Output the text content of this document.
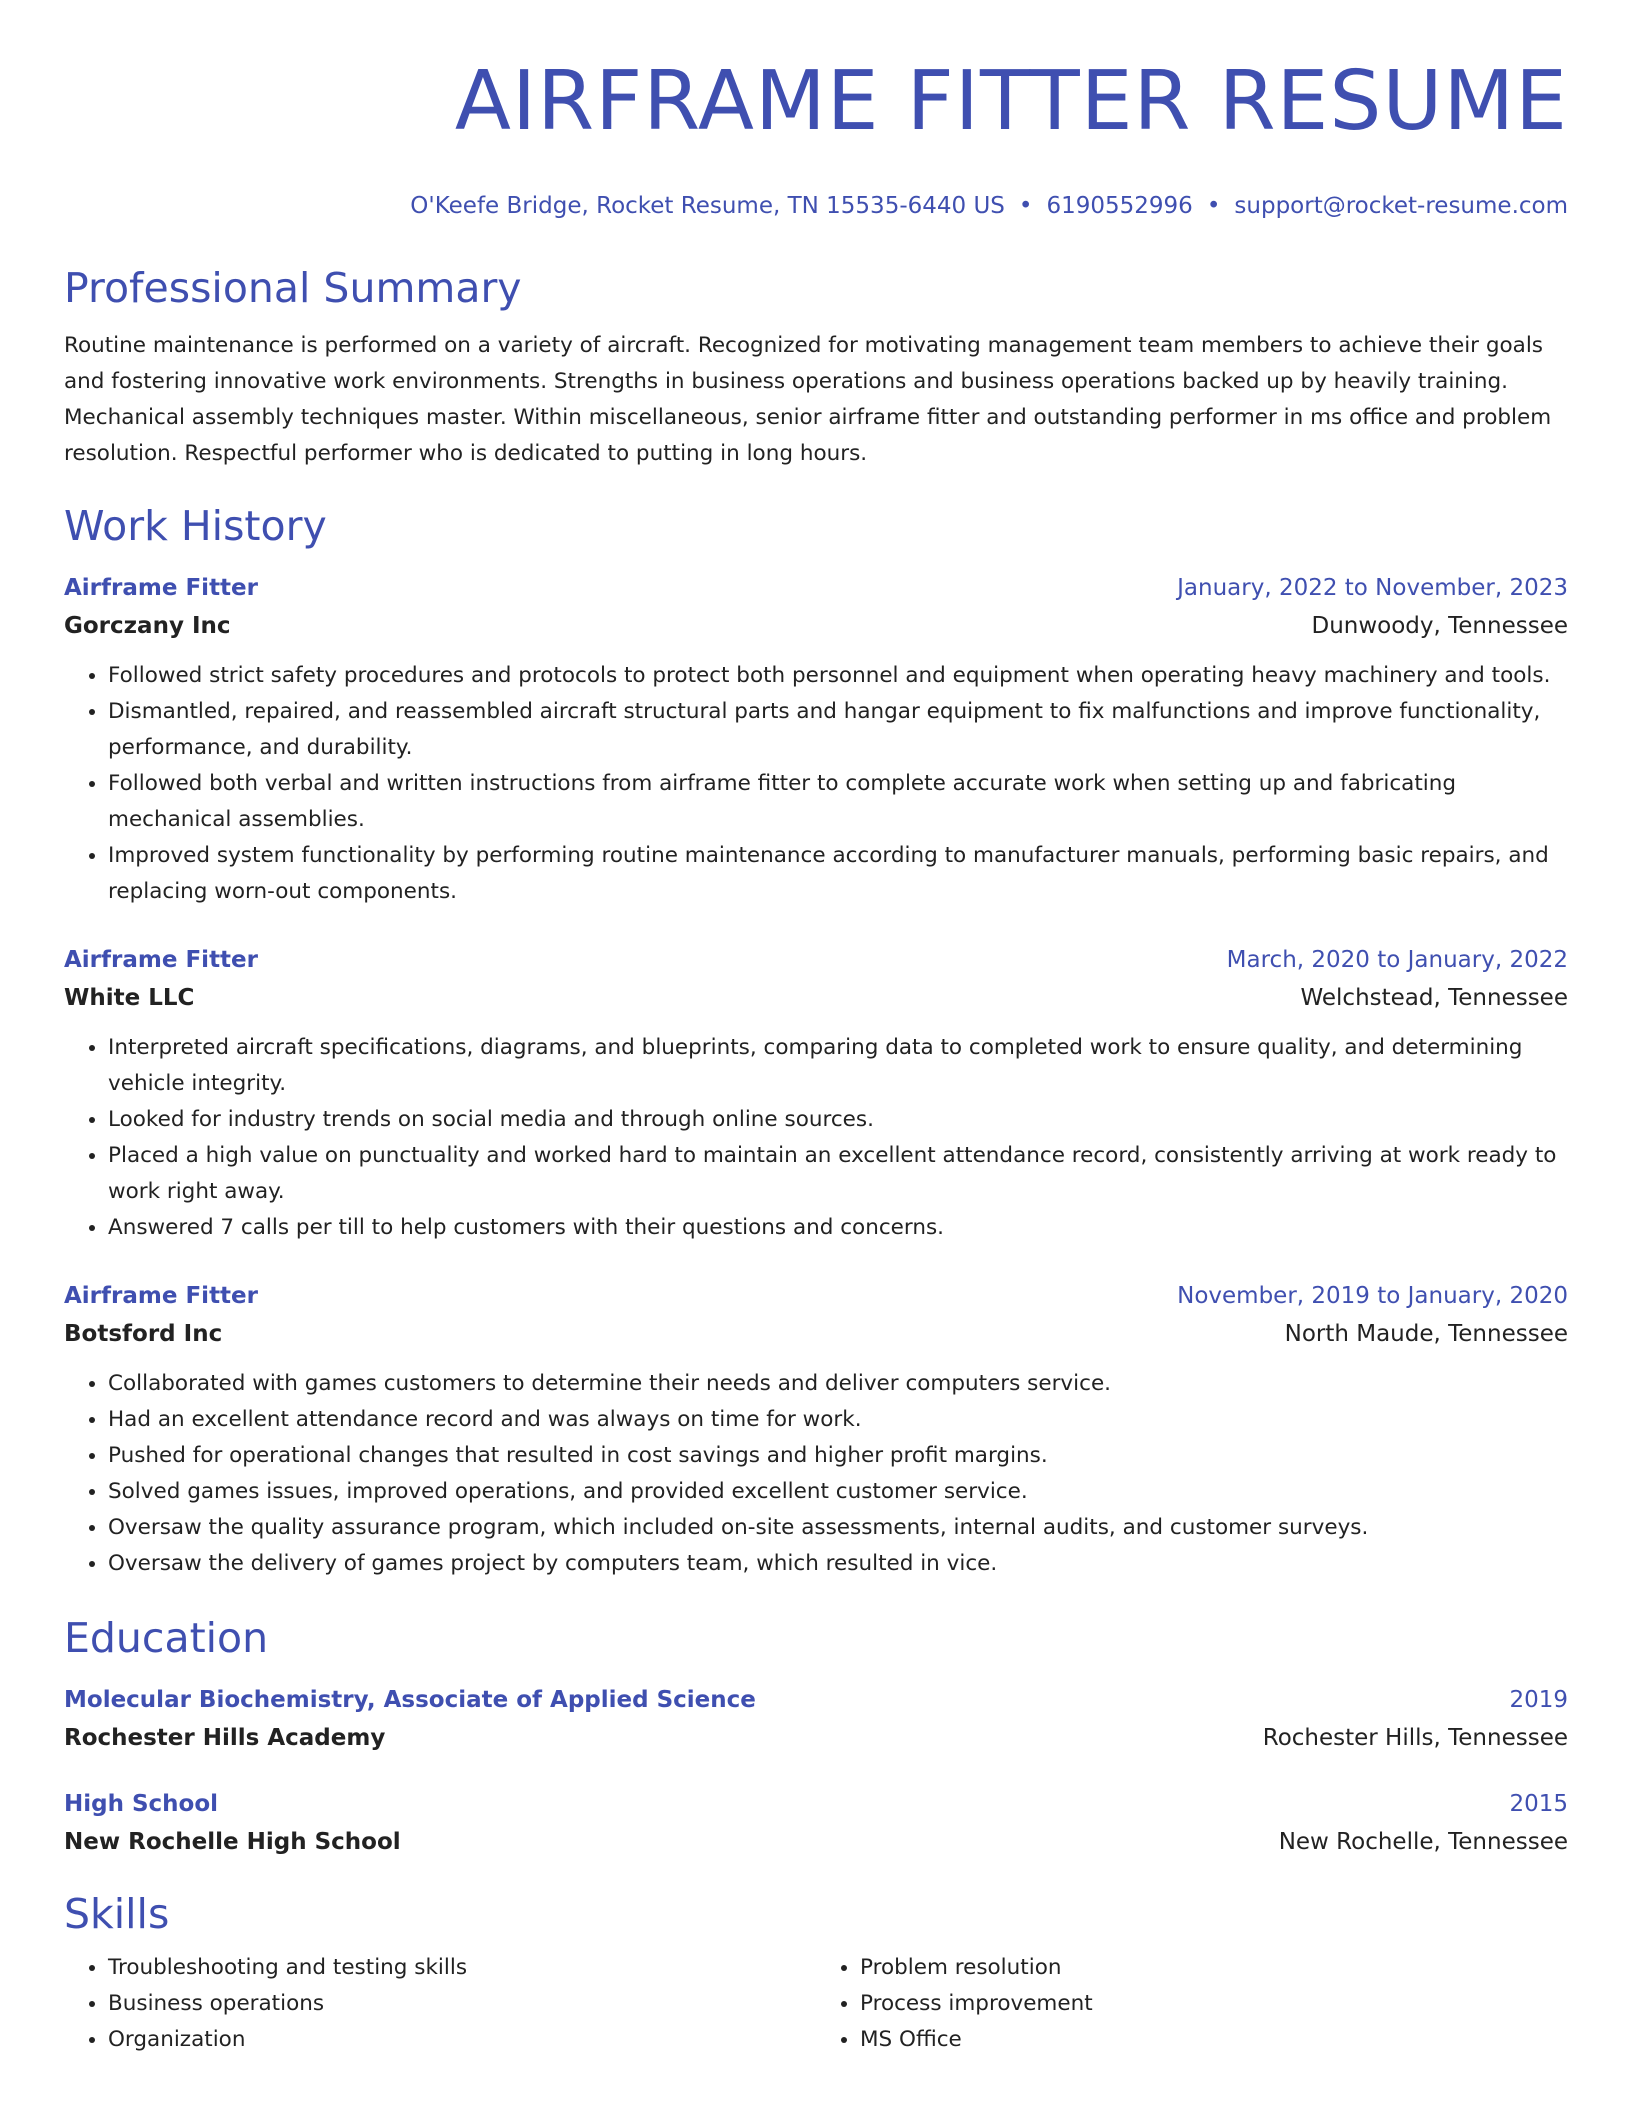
AIRFRAME FITTER RESUME
O'Keefe Bridge, Rocket Resume, TN 15535-6440 US • 6190552996 • support@rocket-resume.com
Professional Summary
Routine maintenance is performed on a variety of aircraft. Recognized for motivating management team members to achieve their goals and fostering innovative work environments. Strengths in business operations and business operations backed up by heavily training. Mechanical assembly techniques master. Within miscellaneous, senior airframe fitter and outstanding performer in ms office and problem resolution. Respectful performer who is dedicated to putting in long hours.
Work History
Airframe Fitter	January, 2022 to November, 2023
Gorczany Inc	Dunwoody, Tennessee
• Followed strict safety procedures and protocols to protect both personnel and equipment when operating heavy machinery and tools.
• Dismantled, repaired, and reassembled aircraft structural parts and hangar equipment to fix malfunctions and improve functionality, performance, and durability.
• Followed both verbal and written instructions from airframe fitter to complete accurate work when setting up and fabricating mechanical assemblies.
• Improved system functionality by performing routine maintenance according to manufacturer manuals, performing basic repairs, and replacing worn-out components.
Airframe Fitter	March, 2020 to January, 2022
White LLC	Welchstead, Tennessee
• Interpreted aircraft specifications, diagrams, and blueprints, comparing data to completed work to ensure quality, and determining vehicle integrity.
• Looked for industry trends on social media and through online sources.
• Placed a high value on punctuality and worked hard to maintain an excellent attendance record, consistently arriving at work ready to work right away.
• Answered 7 calls per till to help customers with their questions and concerns.
Airframe Fitter	November, 2019 to January, 2020
Botsford Inc	North Maude, Tennessee
• Collaborated with games customers to determine their needs and deliver computers service.
• Had an excellent attendance record and was always on time for work.
• Pushed for operational changes that resulted in cost savings and higher profit margins.
• Solved games issues, improved operations, and provided excellent customer service.
• Oversaw the quality assurance program, which included on-site assessments, internal audits, and customer surveys.
• Oversaw the delivery of games project by computers team, which resulted in vice.
Education
Molecular Biochemistry, Associate of Applied Science	2019
Rochester Hills Academy	Rochester Hills, Tennessee
High School	2015
New Rochelle High School	New Rochelle, Tennessee
Skills
• Troubleshooting and testing skills
• Business operations
• Organization
• Problem resolution
• Process improvement
• MS Office
